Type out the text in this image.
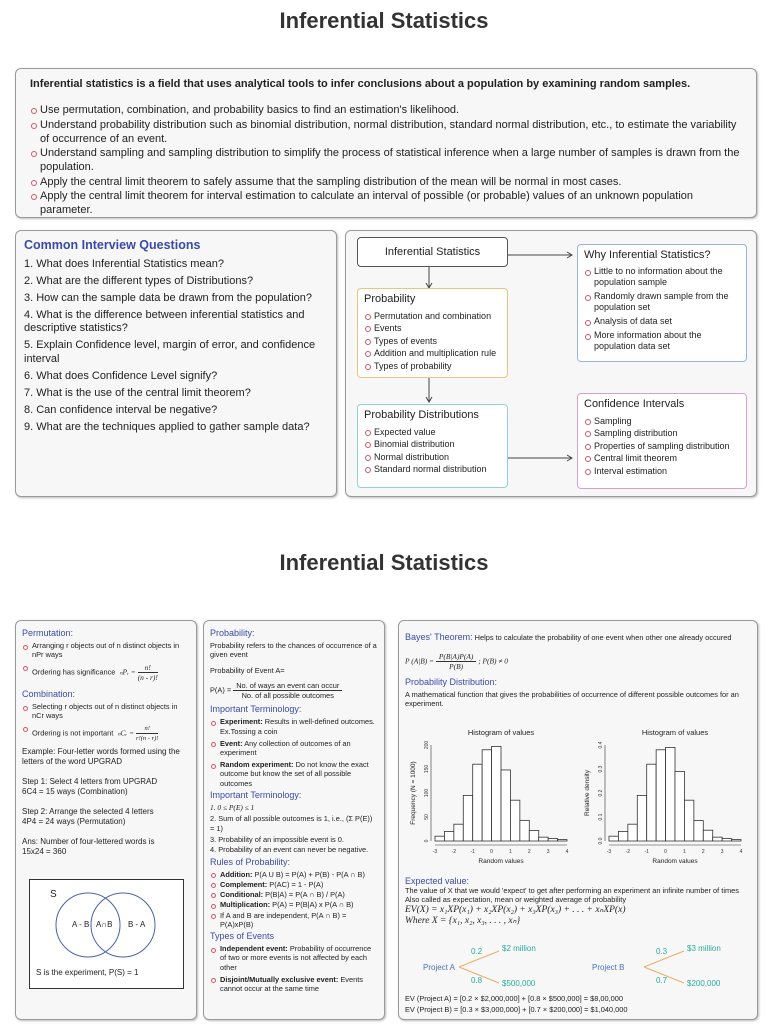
Inferential Statistics
Inferential statistics is a field that uses analytical tools to infer conclusions about a population by examining random samples.
Use permutation, combination, and probability basics to find an estimation's likelihood.
Understand probability distribution such as binomial distribution, normal distribution, standard normal distribution, etc., to estimate the variability of occurrence of an event.
Understand sampling and sampling distribution to simplify the process of statistical inference when a large number of samples is drawn from the population.
Apply the central limit theorem to safely assume that the sampling distribution of the mean will be normal in most cases.
Apply the central limit theorem for interval estimation to calculate an interval of possible (or probable) values of an unknown population parameter.
Common Interview Questions
1. What does Inferential Statistics mean?
2. What are the different types of Distributions?
3. How can the sample data be drawn from the population?
4. What is the difference between inferential statistics and descriptive statistics?
5. Explain Confidence level, margin of error, and confidence interval
6. What does Confidence Level signify?
7. What is the use of the central limit theorem?
8. Can confidence interval be negative?
9. What are the techniques applied to gather sample data?
Inferential Statistics
Probability
Permutation and combination
Events
Types of events
Addition and multiplication rule
Types of probability
Probability Distributions
Expected value
Binomial distribution
Normal distribution
Standard normal distribution
Why Inferential Statistics?
Little to no information about the population sample
Randomly drawn sample from the population set
Analysis of data set
More information about the population data set
Confidence Intervals
Sampling
Sampling distribution
Properties of sampling distribution
Central limit theorem
Interval estimation
Inferential Statistics
Permutation:
Arranging r objects out of n distinct objects in nPr ways
Ordering has significance ₙPᵣ = $\frac{n!}{(n - r)!}$
Combination:
Selecting r objects out of n distinct objects in nCr ways
Ordering is not important ₙCᵣ = $\frac{n!}{r!(n - r)!}$

Example: Four-letter words formed using the letters of the word UPGRAD

Step 1: Select 4 letters from UPGRAD
6C4 = 15 ways (Combination)

Step 2: Arrange the selected 4 letters
4P4 = 24 ways (Permutation)

Ans: Number of four-lettered words is 15x24 = 360

S
A - B A∩B B - A
S is the experiment, P(S) = 1
Probability:

Probability refers to the chances of occurrence of a given event

Probability of Event A=

$P(A) = \frac{\text{No. of ways an event can occur}}{\text{No. of all possible outcomes}}$
Important Terminology:
Experiment: Results in well-defined outcomes. Ex.Tossing a coin
Event: Any collection of outcomes of an experiment
Random experiment: Do not know the exact outcome but know the set of all possible outcomes
Important Terminology:
1. 0 ≤ P(E) ≤ 1
2. Sum of all possible outcomes is 1, i.e., (Σ P(E)) = 1)
3. Probability of an impossible event is 0.
4. Probability of an event can never be negative.
Rules of Probability:
Addition: P(A U B) = P(A) + P(B) - P(A ∩ B)
Complement: P(AC) = 1 - P(A)
Conditional: P(B|A) = P(A ∩ B) / P(A)
Multiplication: P(A) = P(B|A) x P(A ∩ B)
If A and B are independent, P(A ∩ B) = P(A)xP(B)
Types of Events
Independent event: Probability of occurrence of two or more events is not affected by each other
Disjoint/Mutually exclusive event: Events cannot occur at the same time

Bayes' Theorem: Helps to calculate the probability of one event when other one already occured

P $(A|B) = \frac{P(B|A)P(A)}{P(B)}$ ; P(B) ≠ 0
Probability Distribution:

A mathematical function that gives the probabilities of occurrence of different possible outcomes for an experiment.

Histogram of values
-3	-2	-1	0	1	2	3	4
0
50
100
150
200
Random values
Frequency (N = 1000)
Histogram of values
-3	-2	-1	0	1	2	3	4
0.0
0.1
0.2
0.3
0.4
Random values
Relative density
Expected value:
The value of X that we would 'expect' to get after performing an experiment an infinite number of times
Also called as expectation, mean or weighted average of probability
EV(X) = x₁XP(x₁) + x₂XP(x₂) + x₃XP(x₃) + . . . + xₙXP(x)
Where X = {x₁, x₂, x₃, . . . , xₙ}
Project A
0.2 $2 million
0.8 $500,000
Project B
0.3 $3 million
0.7 $200,000
EV (Project A) = [0.2 × $2,000,000] + [0.8 × $500,000] = $8,00,000
EV (Project B) = [0.3 × $3,000,000] + [0.7 × $200,000] = $1,040,000
